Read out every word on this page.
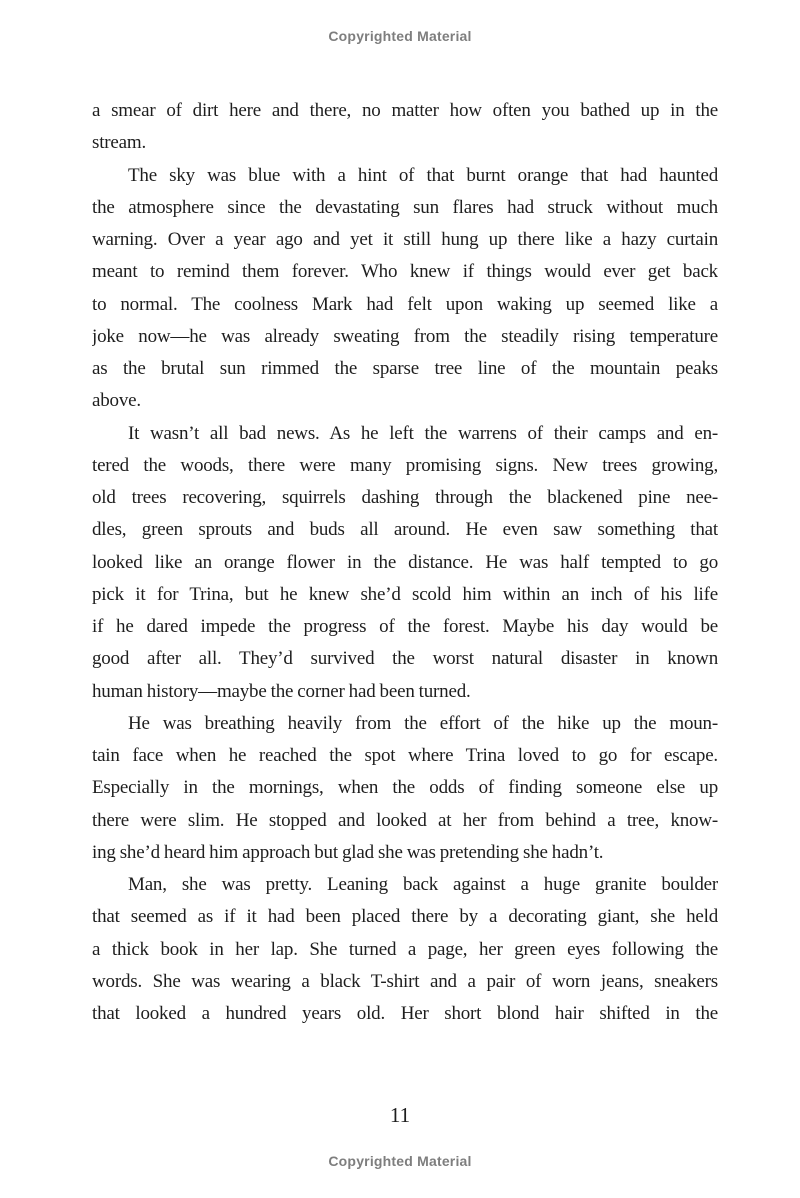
Copyrighted Material
a smear of dirt here and there, no matter how often you bathed up in the
stream.
The sky was blue with a hint of that burnt orange that had haunted
the atmosphere since the devastating sun flares had struck without much
warning. Over a year ago and yet it still hung up there like a hazy curtain
meant to remind them forever. Who knew if things would ever get back
to normal. The coolness Mark had felt upon waking up seemed like a
joke now—he was already sweating from the steadily rising temperature
as the brutal sun rimmed the sparse tree line of the mountain peaks
above.
It wasn’t all bad news. As he left the warrens of their camps and en-
tered the woods, there were many promising signs. New trees growing,
old trees recovering, squirrels dashing through the blackened pine nee-
dles, green sprouts and buds all around. He even saw something that
looked like an orange flower in the distance. He was half tempted to go
pick it for Trina, but he knew she’d scold him within an inch of his life
if he dared impede the progress of the forest. Maybe his day would be
good after all. They’d survived the worst natural disaster in known
human history—maybe the corner had been turned.
He was breathing heavily from the effort of the hike up the moun-
tain face when he reached the spot where Trina loved to go for escape.
Especially in the mornings, when the odds of finding someone else up
there were slim. He stopped and looked at her from behind a tree, know-
ing she’d heard him approach but glad she was pretending she hadn’t.
Man, she was pretty. Leaning back against a huge granite boulder
that seemed as if it had been placed there by a decorating giant, she held
a thick book in her lap. She turned a page, her green eyes following the
words. She was wearing a black T-shirt and a pair of worn jeans, sneakers
that looked a hundred years old. Her short blond hair shifted in the
11
Copyrighted Material
